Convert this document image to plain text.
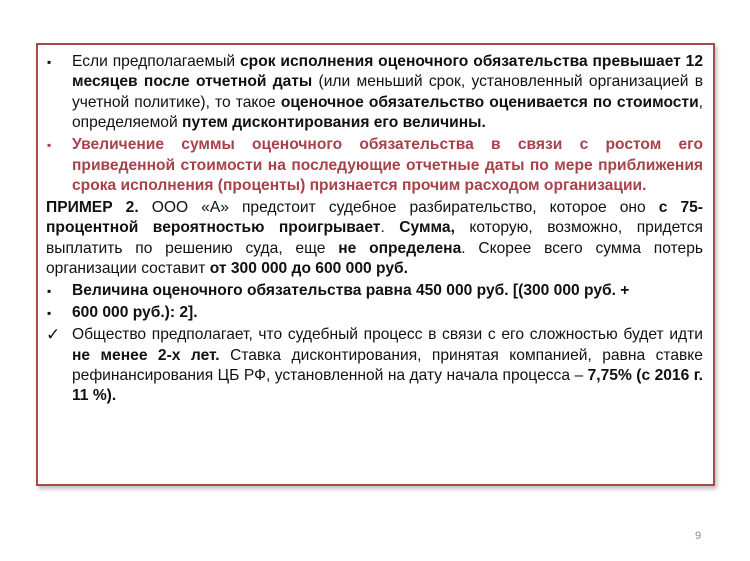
▪	Если предполагаемый срок исполнения оценочного обязательства превышает 12 месяцев после отчетной даты (или меньший срок, установленный организацией в учетной политике), то такое оценочное обязательство оценивается по стоимости, определяемой путем дисконтирования его величины.

▪	Увеличение суммы оценочного обязательства в связи с ростом его приведенной стоимости на последующие отчетные даты по мере приближения срока исполнения (проценты) признается прочим расходом организации.

ПРИМЕР 2. ООО «А» предстоит судебное разбирательство, которое оно с 75-процентной вероятностью проигрывает. Сумма, которую, возможно, придется выплатить по решению суда, еще не определена. Скорее всего сумма потерь организации составит от 300 000 до 600 000 руб.

▪	Величина оценочного обязательства равна 450 000 руб. [(300 000 руб. +

▪	600 000 руб.): 2].

✓ Общество предполагает, что судебный процесс в связи с его сложностью будет идти не менее 2-х лет. Ставка дисконтирования, принятая компанией, равна ставке рефинансирования ЦБ РФ, установленной на дату начала процесса – 7,75% (с 2016 г. 11 %).

9
